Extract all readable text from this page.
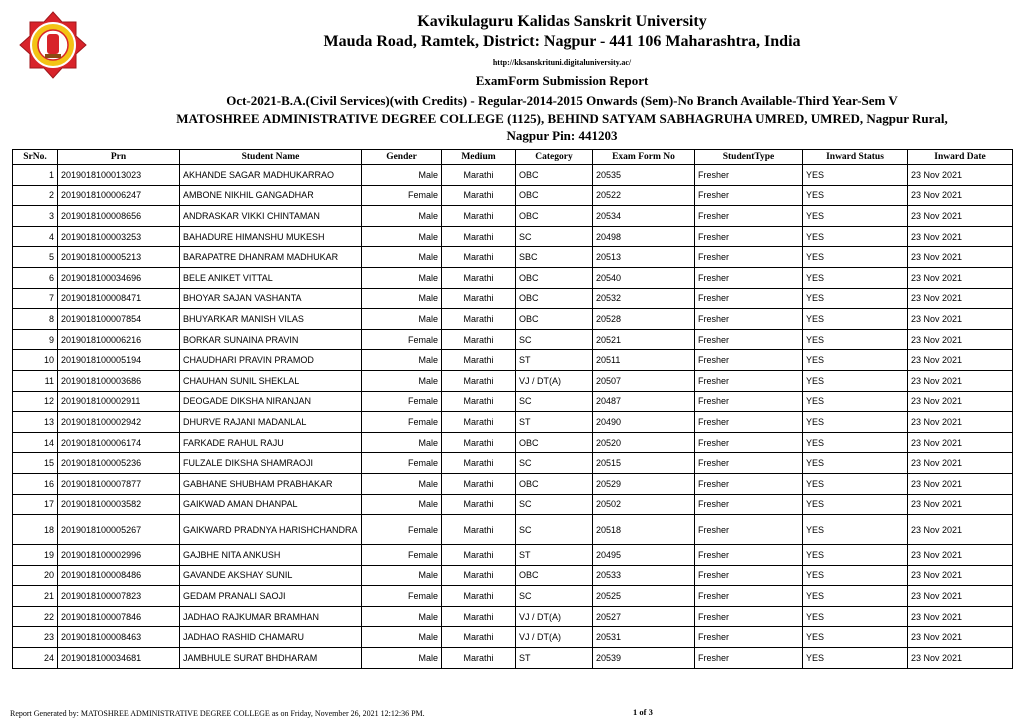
Kavikulaguru Kalidas Sanskrit University
Mauda Road, Ramtek, District: Nagpur - 441 106 Maharashtra, India
http://kksanskrituni.digitaluniversity.ac/
ExamForm Submission Report
Oct-2021-B.A.(Civil Services)(with Credits) - Regular-2014-2015 Onwards (Sem)-No Branch Available-Third Year-Sem V
MATOSHREE ADMINISTRATIVE DEGREE COLLEGE (1125), BEHIND SATYAM SABHAGRUHA UMRED, UMRED, Nagpur Rural,
Nagpur Pin: 441203
SrNo.	Prn	Student Name	Gender	Medium	Category	Exam Form No	StudentType	Inward Status	Inward Date
1	2019018100013023	AKHANDE SAGAR MADHUKARRAO	Male	Marathi	OBC	20535	Fresher	YES	23 Nov 2021
2	2019018100006247	AMBONE NIKHIL GANGADHAR	Female	Marathi	OBC	20522	Fresher	YES	23 Nov 2021
3	2019018100008656	ANDRASKAR VIKKI CHINTAMAN	Male	Marathi	OBC	20534	Fresher	YES	23 Nov 2021
4	2019018100003253	BAHADURE HIMANSHU MUKESH	Male	Marathi	SC	20498	Fresher	YES	23 Nov 2021
5	2019018100005213	BARAPATRE DHANRAM MADHUKAR	Male	Marathi	SBC	20513	Fresher	YES	23 Nov 2021
6	2019018100034696	BELE ANIKET VITTAL	Male	Marathi	OBC	20540	Fresher	YES	23 Nov 2021
7	2019018100008471	BHOYAR SAJAN VASHANTA	Male	Marathi	OBC	20532	Fresher	YES	23 Nov 2021
8	2019018100007854	BHUYARKAR MANISH VILAS	Male	Marathi	OBC	20528	Fresher	YES	23 Nov 2021
9	2019018100006216	BORKAR SUNAINA PRAVIN	Female	Marathi	SC	20521	Fresher	YES	23 Nov 2021
10	2019018100005194	CHAUDHARI PRAVIN PRAMOD	Male	Marathi	ST	20511	Fresher	YES	23 Nov 2021
11	2019018100003686	CHAUHAN SUNIL SHEKLAL	Male	Marathi	VJ / DT(A)	20507	Fresher	YES	23 Nov 2021
12	2019018100002911	DEOGADE DIKSHA NIRANJAN	Female	Marathi	SC	20487	Fresher	YES	23 Nov 2021
13	2019018100002942	DHURVE RAJANI MADANLAL	Female	Marathi	ST	20490	Fresher	YES	23 Nov 2021
14	2019018100006174	FARKADE RAHUL RAJU	Male	Marathi	OBC	20520	Fresher	YES	23 Nov 2021
15	2019018100005236	FULZALE DIKSHA SHAMRAOJI	Female	Marathi	SC	20515	Fresher	YES	23 Nov 2021
16	2019018100007877	GABHANE SHUBHAM PRABHAKAR	Male	Marathi	OBC	20529	Fresher	YES	23 Nov 2021
17	2019018100003582	GAIKWAD AMAN DHANPAL	Male	Marathi	SC	20502	Fresher	YES	23 Nov 2021
18	2019018100005267	GAIKWARD PRADNYA HARISHCHANDRA	Female	Marathi	SC	20518	Fresher	YES	23 Nov 2021
19	2019018100002996	GAJBHE NITA ANKUSH	Female	Marathi	ST	20495	Fresher	YES	23 Nov 2021
20	2019018100008486	GAVANDE AKSHAY SUNIL	Male	Marathi	OBC	20533	Fresher	YES	23 Nov 2021
21	2019018100007823	GEDAM PRANALI SAOJI	Female	Marathi	SC	20525	Fresher	YES	23 Nov 2021
22	2019018100007846	JADHAO RAJKUMAR BRAMHAN	Male	Marathi	VJ / DT(A)	20527	Fresher	YES	23 Nov 2021
23	2019018100008463	JADHAO RASHID CHAMARU	Male	Marathi	VJ / DT(A)	20531	Fresher	YES	23 Nov 2021
24	2019018100034681	JAMBHULE SURAT BHDHARAM	Male	Marathi	ST	20539	Fresher	YES	23 Nov 2021
Report Generated by: MATOSHREE ADMINISTRATIVE DEGREE COLLEGE as on Friday, November 26, 2021 12:12:36 PM.	1 of 3
